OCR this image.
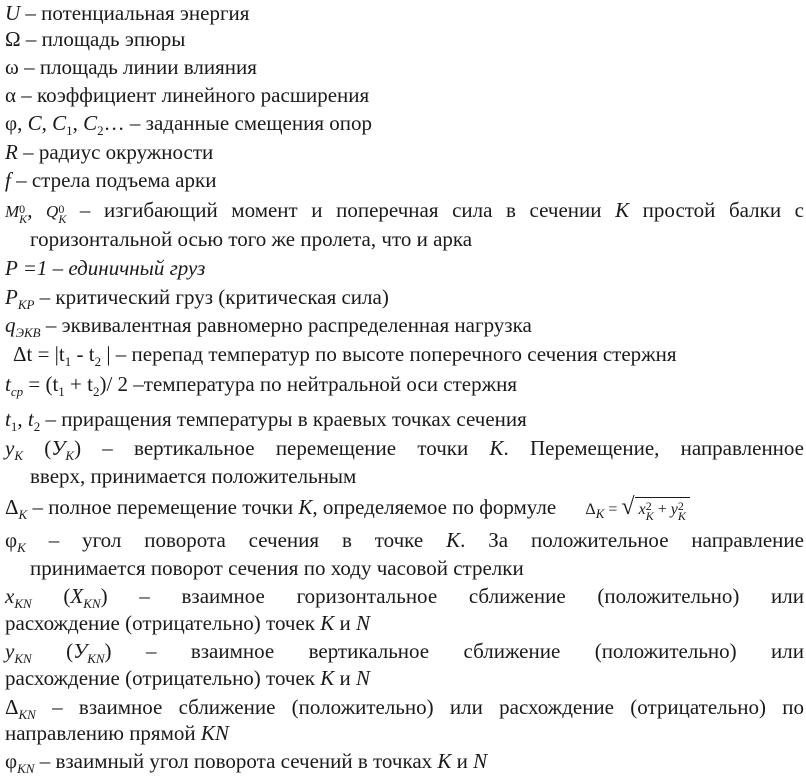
U – потенциальная энергия
Ω – площадь эпюры
ω – площадь линии влияния
α – коэффициент линейного расширения
φ, C, $C_1$, $C_2\dots$ – заданные смещения опор
R – радиус окружности
f – стрела подъема арки
M 0
K , Q 0
K – изгибающий момент и поперечная сила в сечении K простой балки с
горизонтальной осью того же пролета, что и арка
P =1 – единичный груз
$P_{КР}$ – критический груз (критическая сила)
$q_{ЭКВ}$ – эквивалентная равномерно распределенная нагрузка
$\Delta t = |t_1 - t_2$ | – перепад температур по высоте поперечного сечения стержня
$t_{ср} = (t_1 + t_2)/$ 2 –температура по нейтральной оси стержня
$t_1$, $t_2$ – приращения температуры в краевых точках сечения
$y_K$ $(У_K)$ – вертикальное перемещение точки K. Перемещение, направленное
вверх, принимается положительным
$\Delta_K$ – полное перемещение точки K, определяемое по формуле $\Delta_K$ = √ x 2
K + y 2
K
$\varphi_K$ – угол поворота сечения в точке K. За положительное направление
принимается поворот сечения по ходу часовой стрелки
$x_{KN}$ $(X_{KN})$ – взаимное горизонтальное сближение (положительно) или
расхождение (отрицательно) точек K и N
$y_{KN}$ $(У_{KN})$ – взаимное вертикальное сближение (положительно) или
расхождение (отрицательно) точек K и N
$\Delta_{KN}$ – взаимное сближение (положительно) или расхождение (отрицательно) по
направлению прямой KN
$\varphi_{KN}$ – взаимный угол поворота сечений в точках K и N
